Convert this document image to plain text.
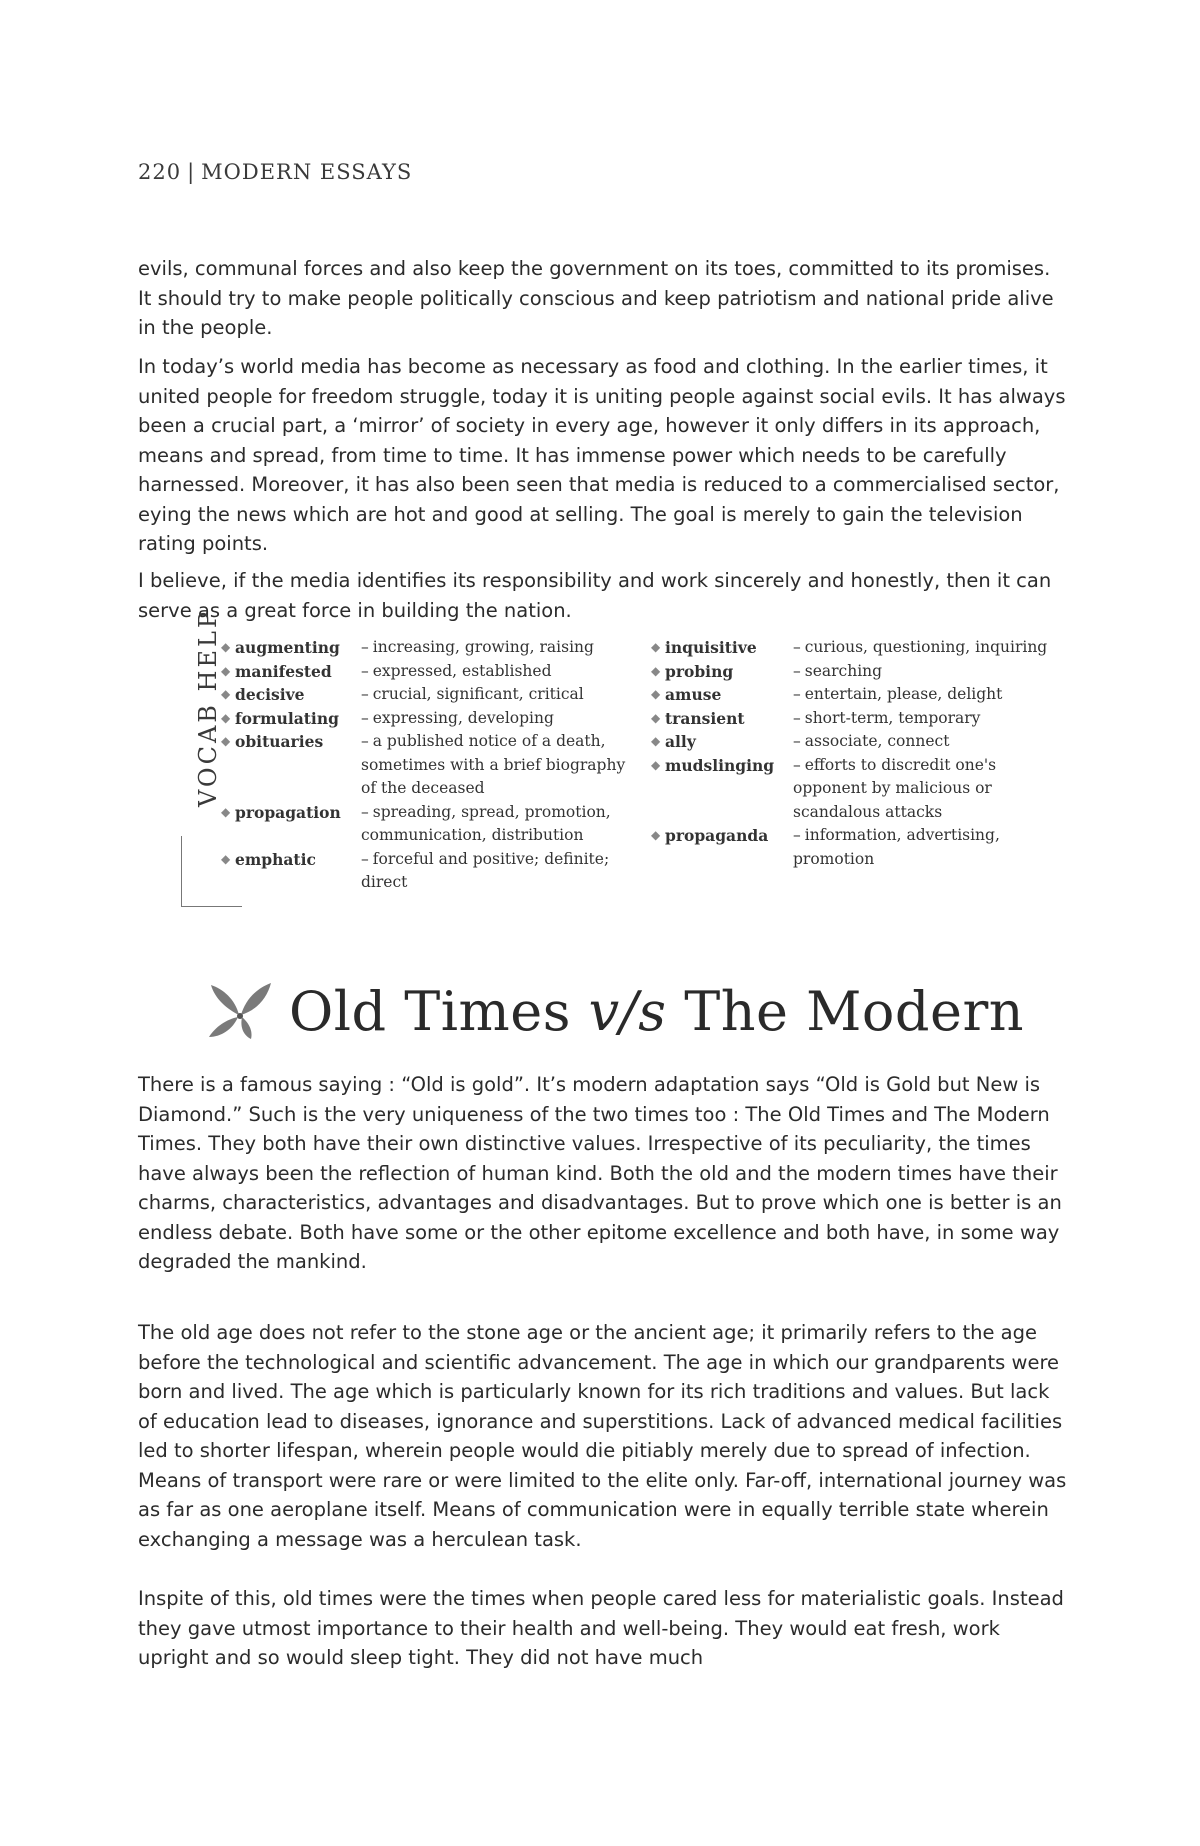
220 | MODERN ESSAYS

evils, communal forces and also keep the government on its toes, committed to its promises. It should try to make people politically conscious and keep patriotism and national pride alive in the people.

In today’s world media has become as necessary as food and clothing. In the earlier times, it united people for freedom struggle, today it is uniting people against social evils. It has always been a crucial part, a ‘mirror’ of society in every age, however it only differs in its approach, means and spread, from time to time. It has immense power which needs to be carefully harnessed. Moreover, it has also been seen that media is reduced to a commercialised sector, eying the news which are hot and good at selling. The goal is merely to gain the television rating points.

I believe, if the media identifies its responsibility and work sincerely and honestly, then it can serve as a great force in building the nation.

VOCAB HELP ◆ augmenting	– increasing, growing, raising
◆ manifested	– expressed, established
◆ decisive	– crucial, significant, critical
◆ formulating	– expressing, developing
◆ obituaries	– a published notice of a death, sometimes with a brief biography of the deceased
◆ propagation	– spreading, spread, promotion, communication, distribution
◆ emphatic	– forceful and positive; definite; direct
◆ inquisitive	– curious, questioning, inquiring
◆ probing	– searching
◆ amuse	– entertain, please, delight
◆ transient	– short-term, temporary
◆ ally	– associate, connect
◆ mudslinging	– efforts to discredit one's opponent by malicious or scandalous attacks
◆ propaganda	– information, advertising, promotion
Old Times v/s The Modern

There is a famous saying : “Old is gold”. It’s modern adaptation says “Old is Gold but New is Diamond.” Such is the very uniqueness of the two times too : The Old Times and The Modern Times. They both have their own distinctive values. Irrespective of its peculiarity, the times have always been the reflection of human kind. Both the old and the modern times have their charms, characteristics, advantages and disadvantages. But to prove which one is better is an endless debate. Both have some or the other epitome excellence and both have, in some way degraded the mankind.

The old age does not refer to the stone age or the ancient age; it primarily refers to the age before the technological and scientific advancement. The age in which our grandparents were born and lived. The age which is particularly known for its rich traditions and values. But lack of education lead to diseases, ignorance and superstitions. Lack of advanced medical facilities led to shorter lifespan, wherein people would die pitiably merely due to spread of infection. Means of transport were rare or were limited to the elite only. Far-off, international journey was as far as one aeroplane itself. Means of communication were in equally terrible state wherein exchanging a message was a herculean task.

Inspite of this, old times were the times when people cared less for materialistic goals. Instead they gave utmost importance to their health and well-being. They would eat fresh, work upright and so would sleep tight. They did not have much
